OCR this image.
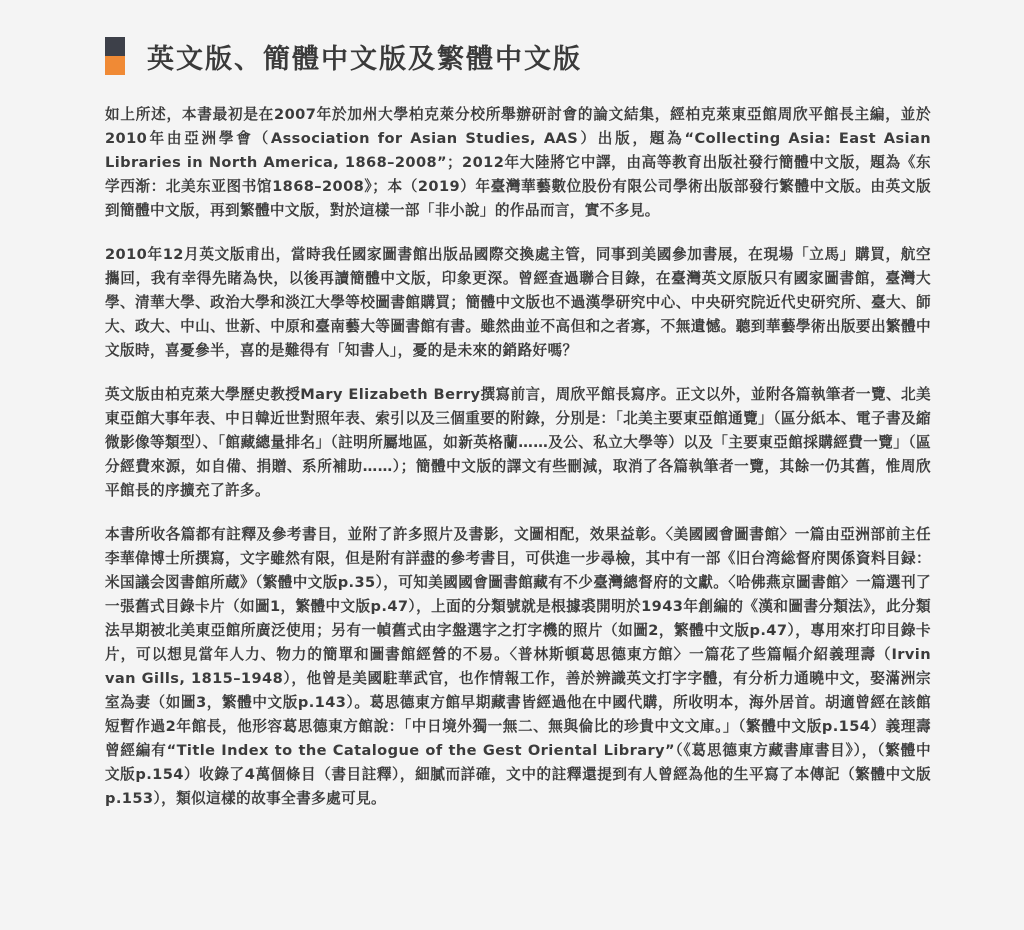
英文版、簡體中文版及繁體中文版

如上所述，本書最初是在2007年於加州大學柏克萊分校所舉辦研討會的論文結集，經柏克萊東亞館周欣平館長主編，並於2010年由亞洲學會（Association for Asian Studies, AAS）出版，題為“Collecting Asia: East Asian Libraries in North America, 1868–2008”；2012年大陸將它中譯，由高等教育出版社發行簡體中文版，題為《东学西渐：北美东亚图书馆1868–2008》；本（2019）年臺灣華藝數位股份有限公司學術出版部發行繁體中文版。由英文版到簡體中文版，再到繁體中文版，對於這樣一部「非小說」的作品而言，實不多見。

2010年12月英文版甫出，當時我任國家圖書館出版品國際交換處主管，同事到美國參加書展，在現場「立馬」購買，航空攜回，我有幸得先睹為快，以後再讀簡體中文版，印象更深。曾經查過聯合目錄，在臺灣英文原版只有國家圖書館，臺灣大學、清華大學、政治大學和淡江大學等校圖書館購買；簡體中文版也不過漢學研究中心、中央研究院近代史研究所、臺大、師大、政大、中山、世新、中原和臺南藝大等圖書館有書。雖然曲並不高但和之者寡，不無遺憾。聽到華藝學術出版要出繁體中文版時，喜憂參半，喜的是難得有「知書人」，憂的是未來的銷路好嗎？

英文版由柏克萊大學歷史教授Mary Elizabeth Berry撰寫前言，周欣平館長寫序。正文以外，並附各篇執筆者一覽、北美東亞館大事年表、中日韓近世對照年表、索引以及三個重要的附錄，分別是：「北美主要東亞館通覽」（區分紙本、電子書及縮微影像等類型）、「館藏總量排名」（註明所屬地區，如新英格蘭……及公、私立大學等）以及「主要東亞館採購經費一覽」（區分經費來源，如自備、捐贈、系所補助……）；簡體中文版的譯文有些刪減，取消了各篇執筆者一覽，其餘一仍其舊，惟周欣平館長的序擴充了許多。

本書所收各篇都有註釋及參考書目，並附了許多照片及書影，文圖相配，效果益彰。〈美國國會圖書館〉一篇由亞洲部前主任李華偉博士所撰寫，文字雖然有限，但是附有詳盡的參考書目，可供進一步尋檢，其中有一部《旧台湾総督府関係資料目録：米国議会図書館所蔵》（繁體中文版p.35），可知美國國會圖書館藏有不少臺灣總督府的文獻。〈哈佛燕京圖書館〉一篇選刊了一張舊式目錄卡片（如圖1，繁體中文版p.47），上面的分類號就是根據裘開明於1943年創編的《漢和圖書分類法》，此分類法早期被北美東亞館所廣泛使用；另有一幀舊式由字盤選字之打字機的照片（如圖2，繁體中文版p.47），專用來打印目錄卡片，可以想見當年人力、物力的簡單和圖書館經營的不易。〈普林斯頓葛思德東方館〉一篇花了些篇幅介紹義理壽（Irvin van Gills, 1815–1948），他曾是美國駐華武官，也作情報工作，善於辨識英文打字字體，有分析力通曉中文，娶滿洲宗室為妻（如圖3，繁體中文版p.143）。葛思德東方館早期藏書皆經過他在中國代購，所收明本，海外居首。胡適曾經在該館短暫作過2年館長，他形容葛思德東方館說：「中日境外獨一無二、無與倫比的珍貴中文文庫。」（繁體中文版p.154）義理壽曾經編有“Title Index to the Catalogue of the Gest Oriental Library”（《葛思德東方藏書庫書目》），（繁體中文版p.154）收錄了4萬個條目（書目註釋），細膩而詳確，文中的註釋還提到有人曾經為他的生平寫了本傳記（繁體中文版p.153），類似這樣的故事全書多處可見。
